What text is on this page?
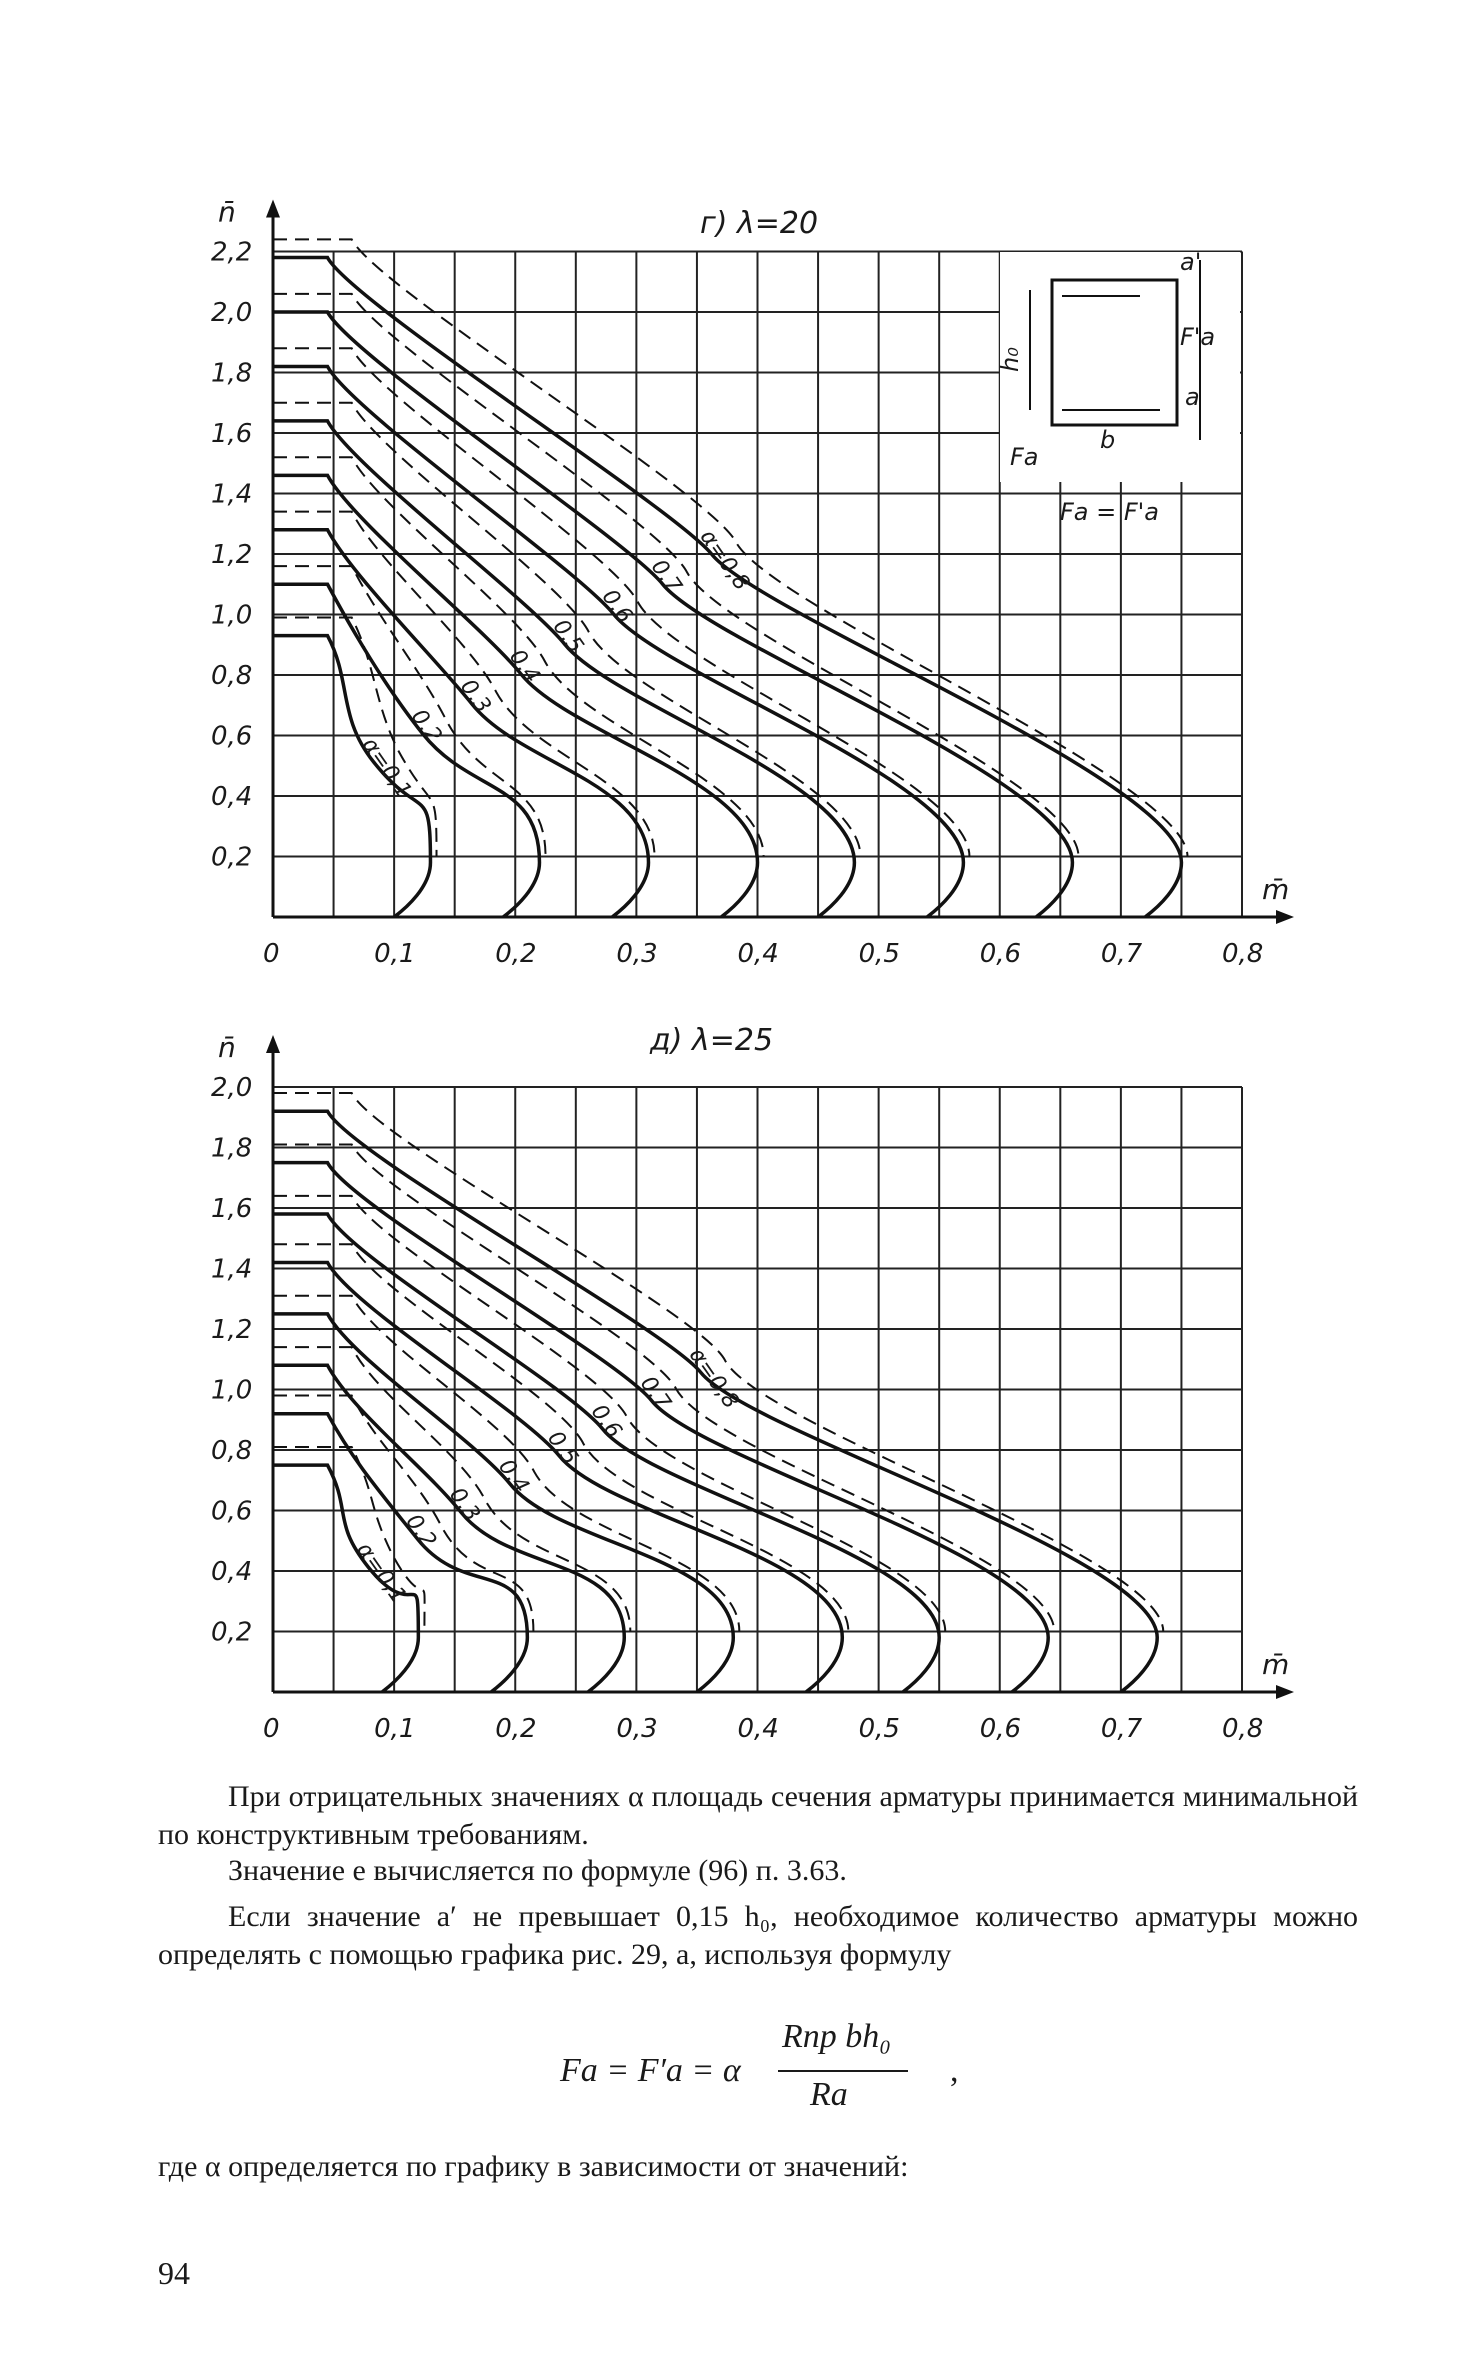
г) λ=20
n̄
m̄
0	0,1	0,2	0,3	0,4	0,5	0,6	0,7	0,8
0,2
0,4
0,6
0,8
1,0
1,2
1,4
1,6
1,8
2,0
2,2
α=0,1
0,2
0,3
0,4
0,5
0,6
0,7 α=0,8
a'
h₀
F'a
a
Fa
b
Fa = F'a
д) λ=25
n̄
m̄
0	0,1	0,2	0,3	0,4	0,5	0,6	0,7	0,8
0,2
0,4
0,6
0,8
1,0
1,2
1,4
1,6
1,8
2,0
α=0,1
0,2
0,3
0,4
0,5
0,6
0,7 α=0,8

При отрицательных значениях α площадь сечения арматуры принимается минимальной по конструктивным требованиям.

Значение e вычисляется по формуле (96) п. 3.63.

Если значение a′ не превышает 0,15 h₀, необходимое количество арматуры можно определять с помощью графика рис. 29, a, используя формулу

Fa = F′a = α
Rпр bh₀
Rа
,

где α определяется по графику в зависимости от значений:

94
